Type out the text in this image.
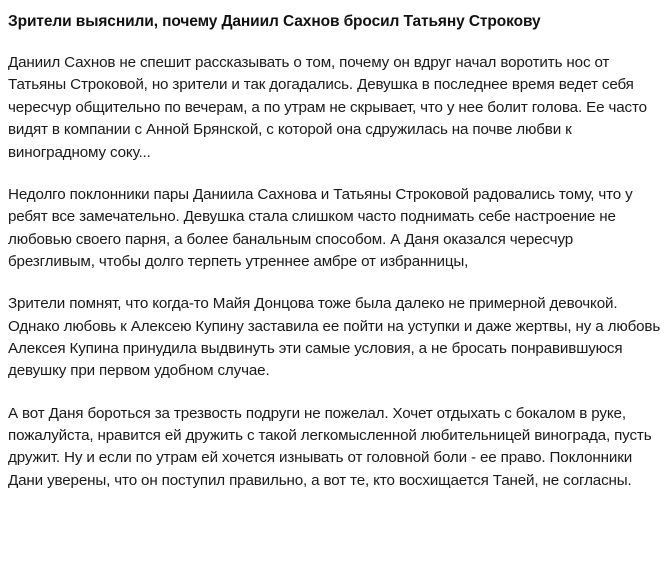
Зрители выяснили, почему Даниил Сахнов бросил Татьяну Строкову

Даниил Сахнов не спешит рассказывать о том, почему он вдруг начал воротить нос от Татьяны Строковой, но зрители и так догадались. Девушка в последнее время ведет себя чересчур общительно по вечерам, а по утрам не скрывает, что у нее болит голова. Ее часто видят в компании с Анной Брянской, с которой она сдружилась на почве любви к виноградному соку...

Недолго поклонники пары Даниила Сахнова и Татьяны Строковой радовались тому, что у ребят все замечательно. Девушка стала слишком часто поднимать себе настроение не любовью своего парня, а более банальным способом. А Даня оказался чересчур брезгливым, чтобы долго терпеть утреннее амбре от избранницы,

Зрители помнят, что когда-то Майя Донцова тоже была далеко не примерной девочкой. Однако любовь к Алексею Купину заставила ее пойти на уступки и даже жертвы, ну а любовь Алексея Купина принудила выдвинуть эти самые условия, а не бросать понравившуюся девушку при первом удобном случае.

А вот Даня бороться за трезвость подруги не пожелал. Хочет отдыхать с бокалом в руке, пожалуйста, нравится ей дружить с такой легкомысленной любительницей винограда, пусть дружит. Ну и если по утрам ей хочется изнывать от головной боли - ее право. Поклонники Дани уверены, что он поступил правильно, а вот те, кто восхищается Таней, не согласны.
